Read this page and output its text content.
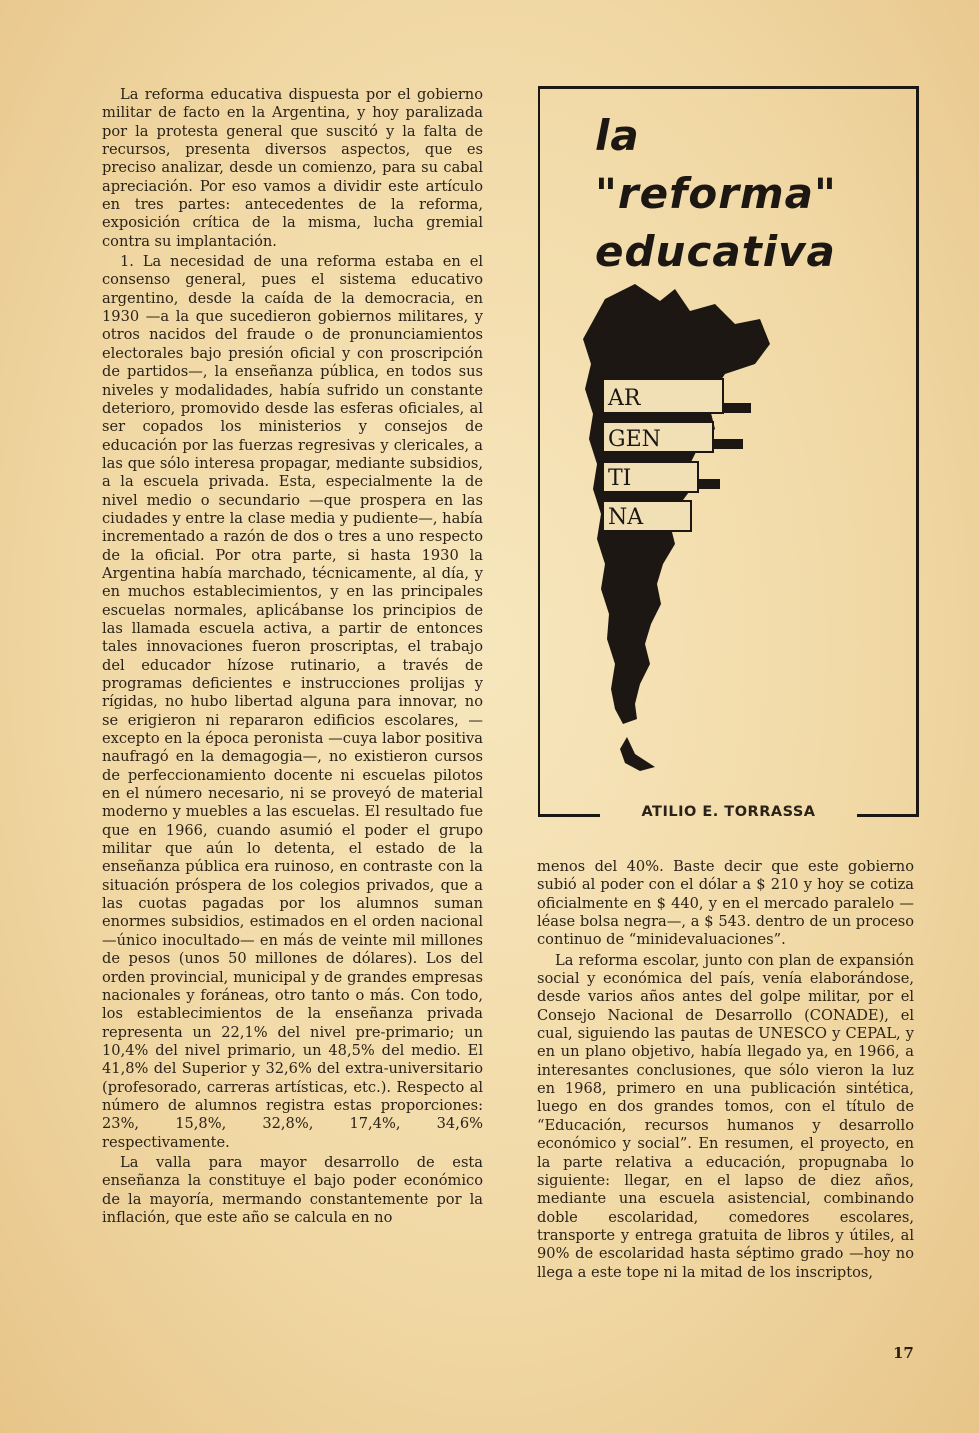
La reforma educativa dispuesta por el gobierno militar de facto en la Argentina, y hoy paralizada por la protesta general que suscitó y la falta de recursos, presenta diversos aspectos, que es preciso analizar, desde un comienzo, para su cabal apreciación. Por eso vamos a dividir este artículo en tres partes: antecedentes de la reforma, exposición crítica de la misma, lucha gremial contra su implantación.

1. La necesidad de una reforma estaba en el consenso general, pues el sistema educativo argentino, desde la caída de la democracia, en 1930 —a la que sucedieron gobiernos militares, y otros nacidos del fraude o de pronunciamientos electorales bajo presión oficial y con proscripción de partidos—, la enseñanza pública, en todos sus niveles y modalidades, había sufrido un constante deterioro, promovido desde las esferas oficiales, al ser copados los ministerios y consejos de educación por las fuerzas regresivas y clericales, a las que sólo interesa propagar, mediante subsidios, a la escuela privada. Esta, especialmente la de nivel medio o secundario —que prospera en las ciudades y entre la clase media y pudiente—, había incrementado a razón de dos o tres a uno respecto de la oficial. Por otra parte, si hasta 1930 la Argentina había marchado, técnicamente, al día, y en muchos establecimientos, y en las principales escuelas normales, aplicábanse los principios de las llamada escuela activa, a partir de entonces tales innovaciones fueron proscriptas, el trabajo del educador hízose rutinario, a través de programas deficientes e instrucciones prolijas y rígidas, no hubo libertad alguna para innovar, no se erigieron ni repararon edificios escolares, —excepto en la época peronista —cuya labor positiva naufragó en la demagogia—, no existieron cursos de perfeccionamiento docente ni escuelas pilotos en el número necesario, ni se proveyó de material moderno y muebles a las escuelas. El resultado fue que en 1966, cuando asumió el poder el grupo militar que aún lo detenta, el estado de la enseñanza pública era ruinoso, en contraste con la situación próspera de los colegios privados, que a las cuotas pagadas por los alumnos suman enormes subsidios, estimados en el orden nacional —único inocultado— en más de veinte mil millones de pesos (unos 50 millones de dólares). Los del orden provincial, municipal y de grandes empresas nacionales y foráneas, otro tanto o más. Con todo, los establecimientos de la enseñanza privada representa un 22,1% del nivel pre-primario; un 10,4% del nivel primario, un 48,5% del medio. El 41,8% del Superior y 32,6% del extra-universitario (profesorado, carreras artísticas, etc.). Respecto al número de alumnos registra estas proporciones: 23%, 15,8%, 32,8%, 17,4%, 34,6% respectivamente.

La valla para mayor desarrollo de esta enseñanza la constituye el bajo poder económico de la mayoría, mermando constantemente por la inflación, que este año se calcula en no

la
"reforma"
educativa
AR
GEN
TI
NA
ATILIO E. TORRASSA

menos del 40%. Baste decir que este gobierno subió al poder con el dólar a $ 210 y hoy se cotiza oficialmente en $ 440, y en el mercado paralelo —léase bolsa negra—, a $ 543. dentro de un proceso continuo de “minidevaluaciones”.

La reforma escolar, junto con plan de expansión social y económica del país, venía elaborándose, desde varios años antes del golpe militar, por el Consejo Nacional de Desarrollo (CONADE), el cual, siguiendo las pautas de UNESCO y CEPAL, y en un plano objetivo, había llegado ya, en 1966, a interesantes conclusiones, que sólo vieron la luz en 1968, primero en una publicación sintética, luego en dos grandes tomos, con el título de “Educación, recursos humanos y desarrollo económico y social”. En resumen, el proyecto, en la parte relativa a educación, propugnaba lo siguiente: llegar, en el lapso de diez años, mediante una escuela asistencial, combinando doble escolaridad, comedores escolares, transporte y entrega gratuita de libros y útiles, al 90% de escolaridad hasta séptimo grado —hoy no llega a este tope ni la mitad de los inscriptos,

17
